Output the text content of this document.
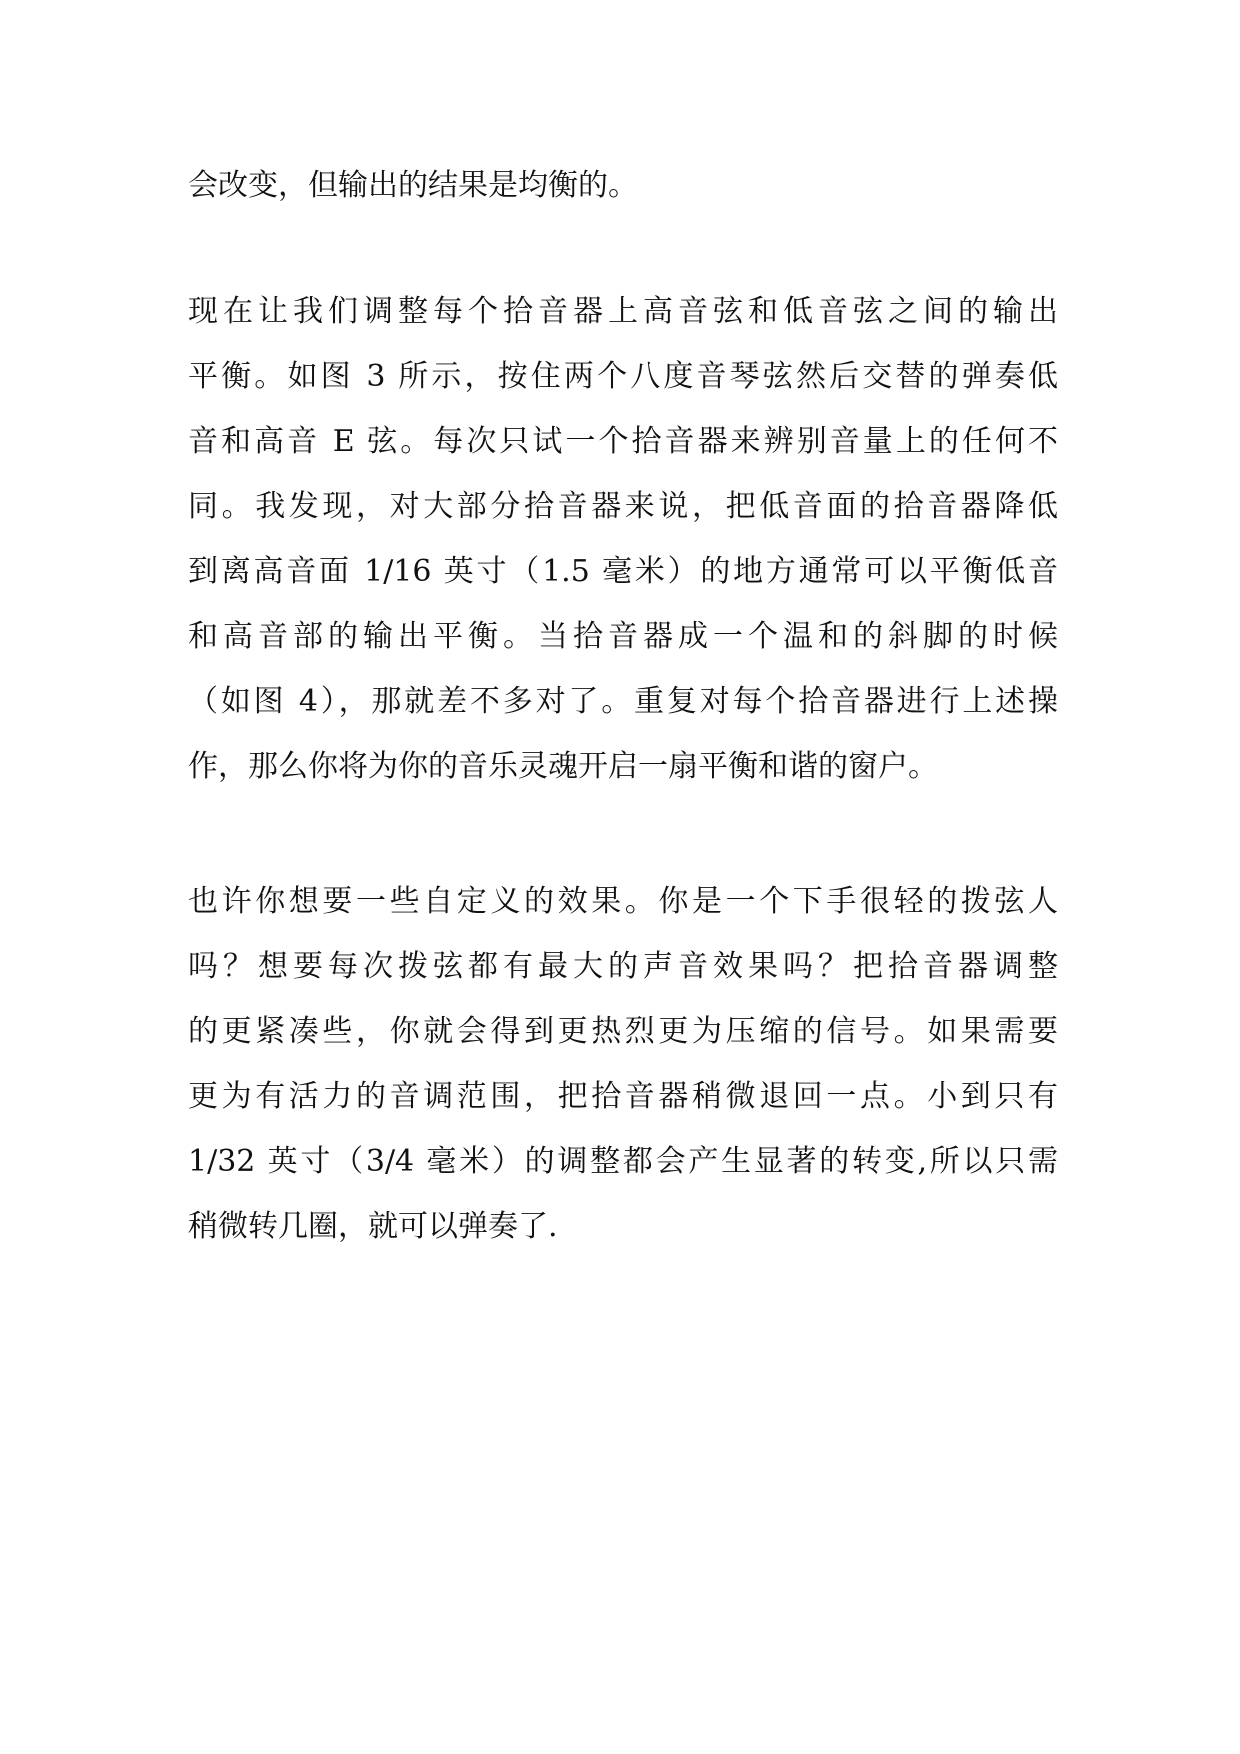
会改变，但输出的结果是均衡的。
现在让我们调整每个拾音器上高音弦和低音弦之间的输出
平衡。如图 3 所示，按住两个八度音琴弦然后交替的弹奏低
音和高音 E 弦。每次只试一个拾音器来辨别音量上的任何不
同。我发现，对大部分拾音器来说，把低音面的拾音器降低
到离高音面 1/16 英寸（1.5 毫米）的地方通常可以平衡低音
和高音部的输出平衡。当拾音器成一个温和的斜脚的时候
（如图 4），那就差不多对了。重复对每个拾音器进行上述操
作，那么你将为你的音乐灵魂开启一扇平衡和谐的窗户。
也许你想要一些自定义的效果。你是一个下手很轻的拨弦人
吗？想要每次拨弦都有最大的声音效果吗？把拾音器调整
的更紧凑些，你就会得到更热烈更为压缩的信号。如果需要
更为有活力的音调范围，把拾音器稍微退回一点。小到只有
1/32 英寸（3/4 毫米）的调整都会产生显著的转变,所以只需
稍微转几圈，就可以弹奏了.
